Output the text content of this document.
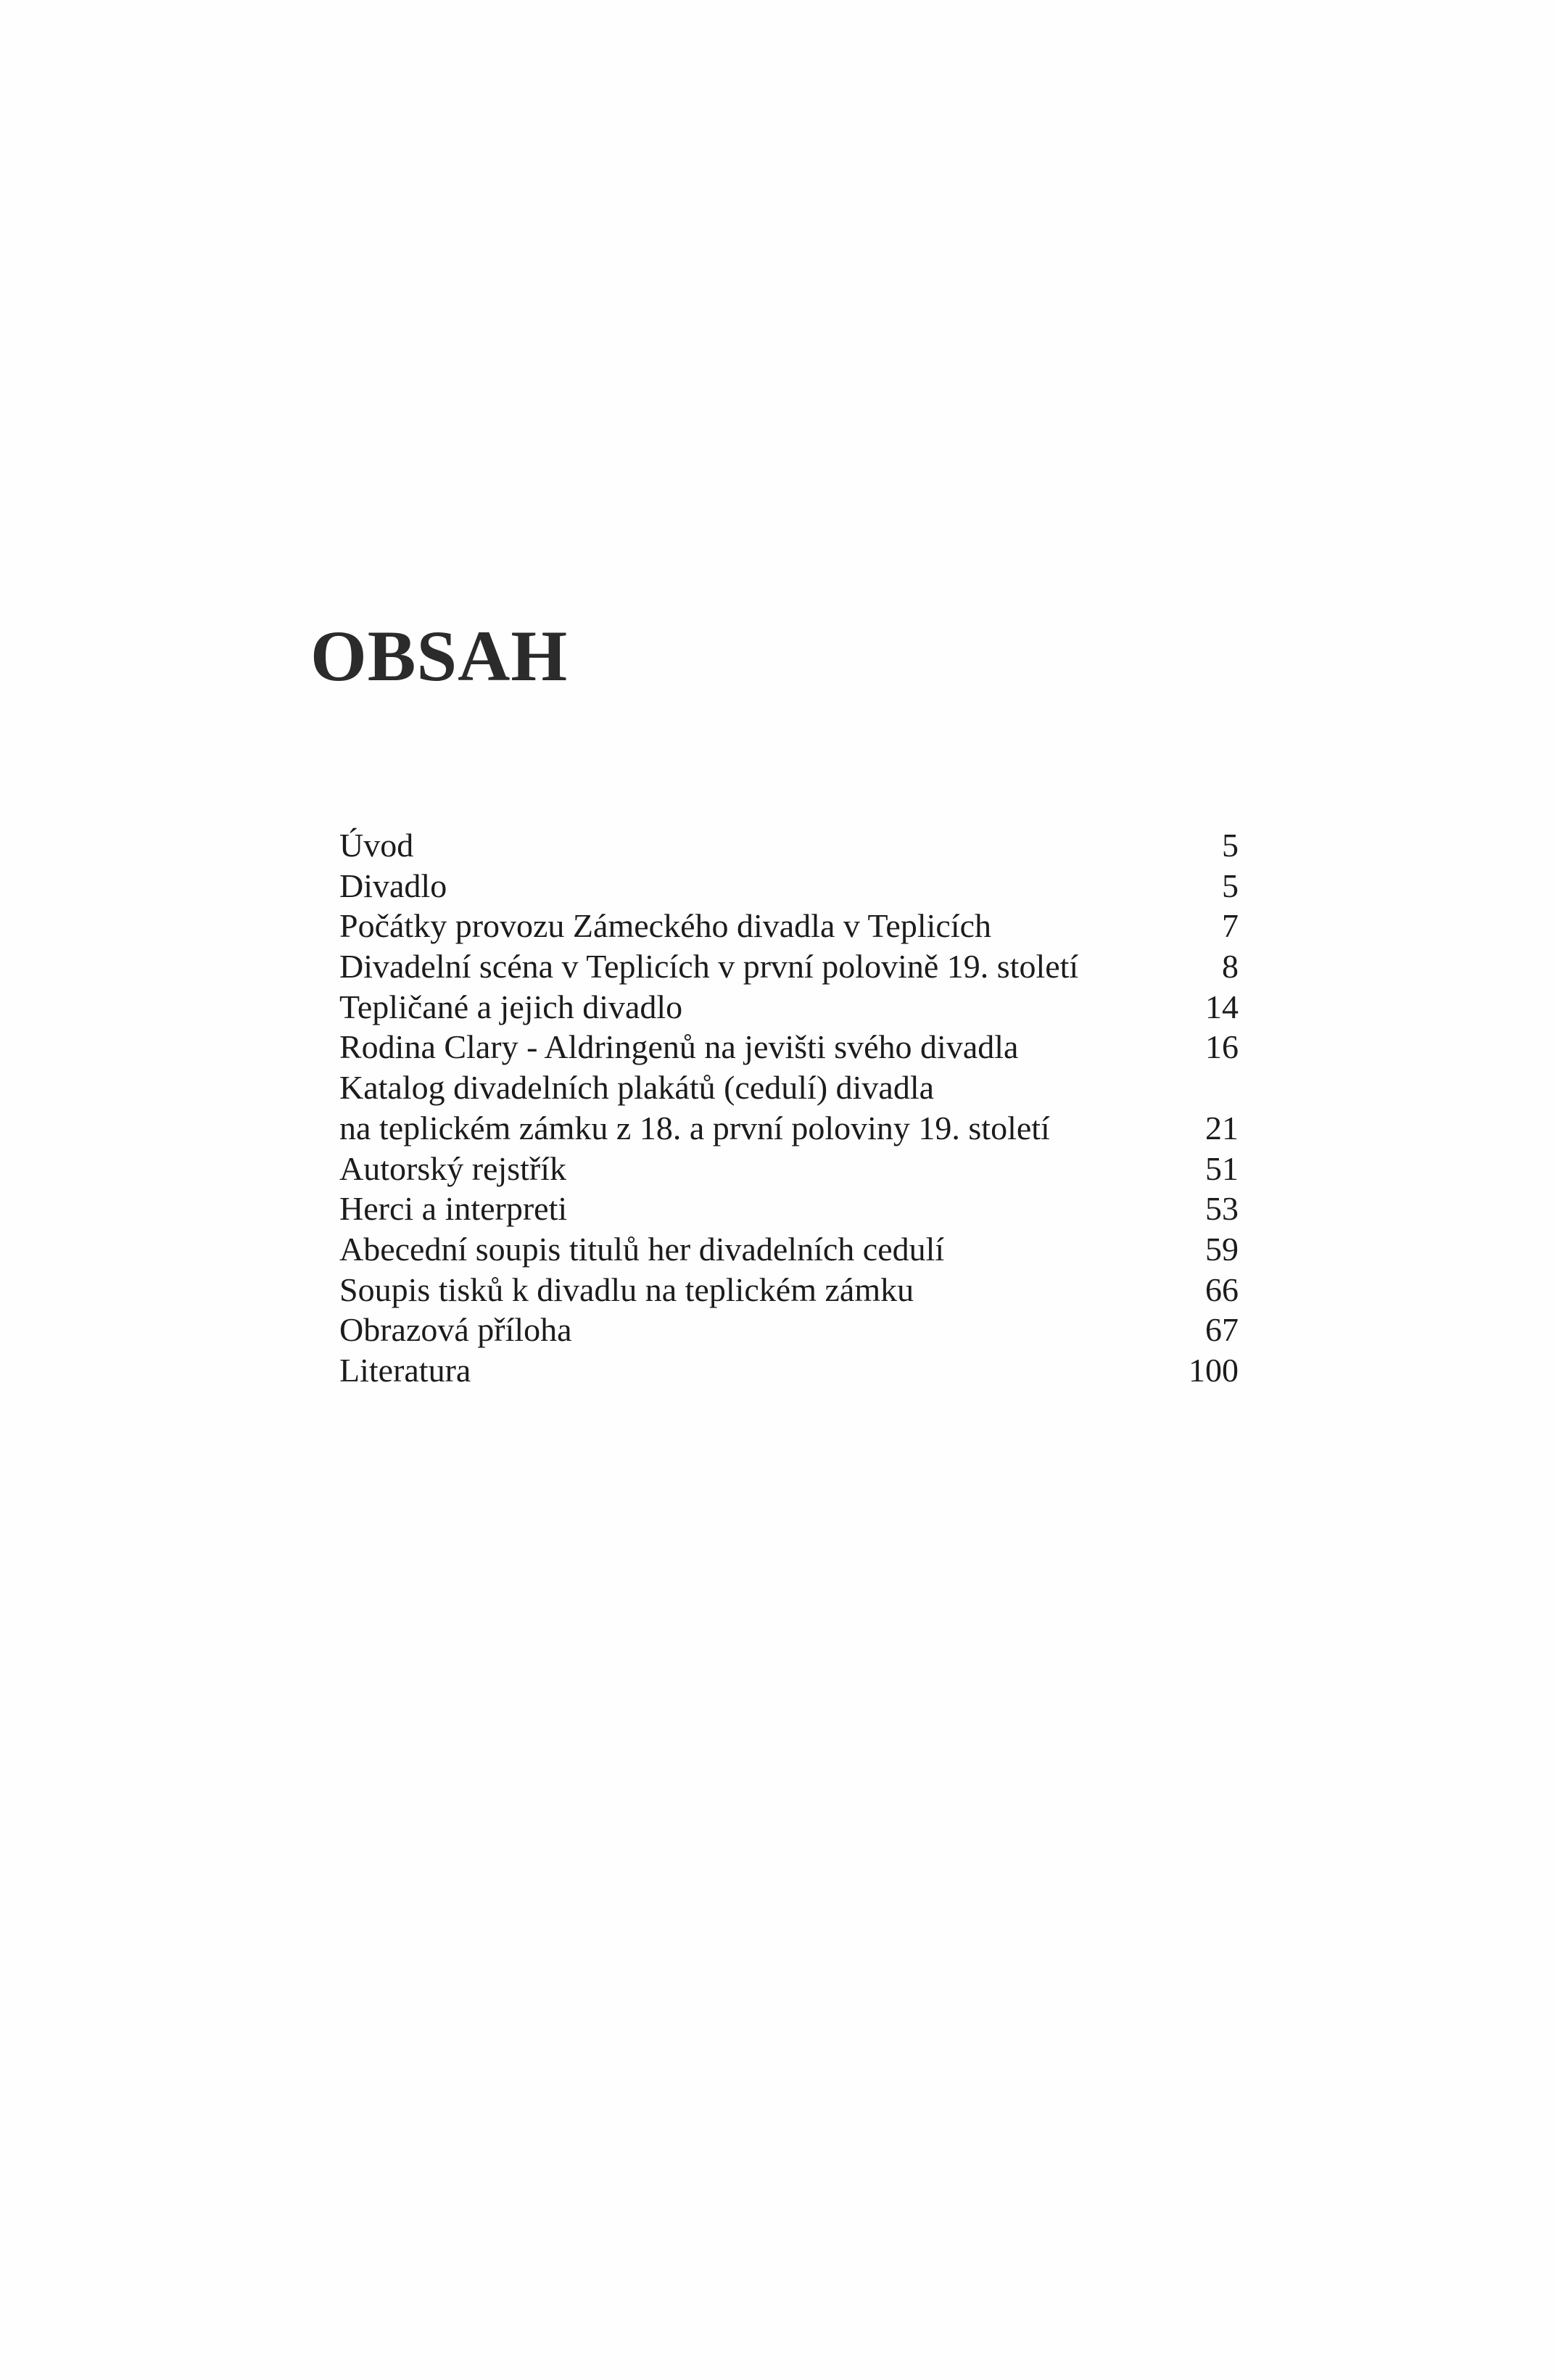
OBSAH
Úvod	5
Divadlo	5
Počátky provozu Zámeckého divadla v Teplicích	7
Divadelní scéna v Teplicích v první polovině 19. století	8
Tepličané a jejich divadlo	14
Rodina Clary - Aldringenů na jevišti svého divadla	16
Katalog divadelních plakátů (cedulí) divadla
na teplickém zámku z 18. a první poloviny 19. století	21
Autorský rejstřík	51
Herci a interpreti	53
Abecední soupis titulů her divadelních cedulí	59
Soupis tisků k divadlu na teplickém zámku	66
Obrazová příloha	67
Literatura	100
